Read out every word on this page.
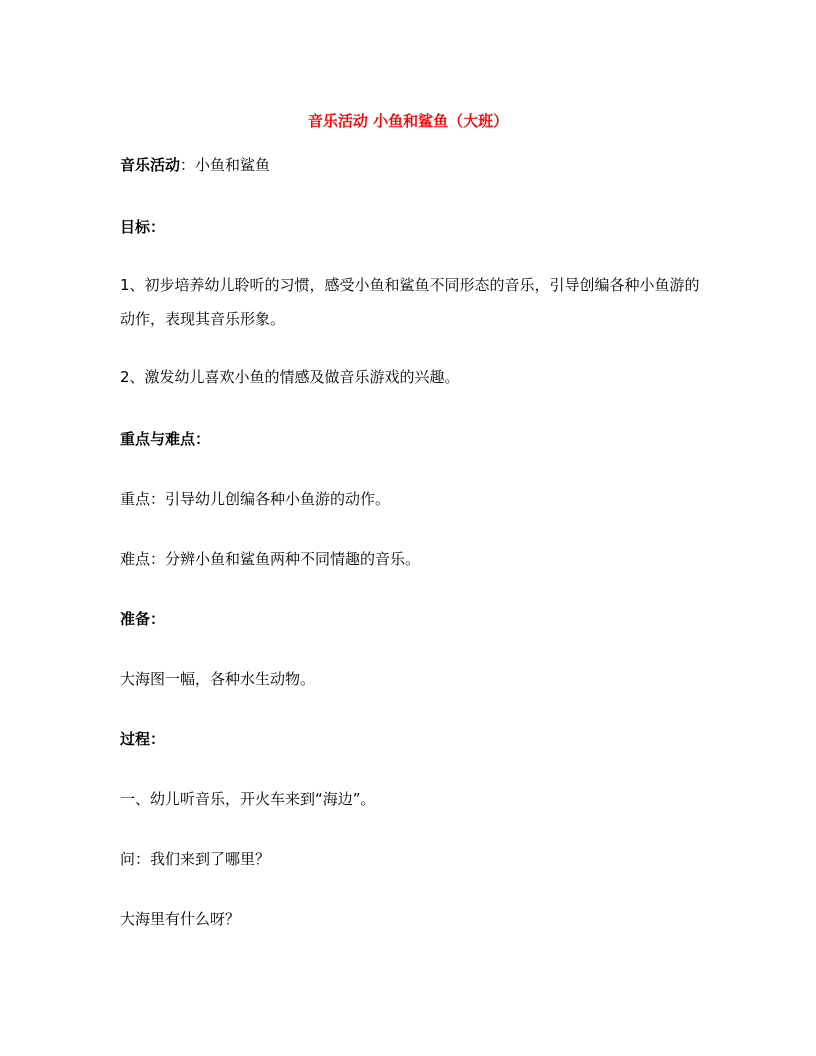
音乐活动 小鱼和鲨鱼（大班）
音乐活动：小鱼和鲨鱼
目标：
1、初步培养幼儿聆听的习惯，感受小鱼和鲨鱼不同形态的音乐，引导创编各种小鱼游的动作，表现其音乐形象。
2、激发幼儿喜欢小鱼的情感及做音乐游戏的兴趣。
重点与难点：
重点：引导幼儿创编各种小鱼游的动作。
难点：分辨小鱼和鲨鱼两种不同情趣的音乐。
准备：
大海图一幅，各种水生动物。
过程：
一、幼儿听音乐，开火车来到“海边”。
问：我们来到了哪里？
大海里有什么呀？
